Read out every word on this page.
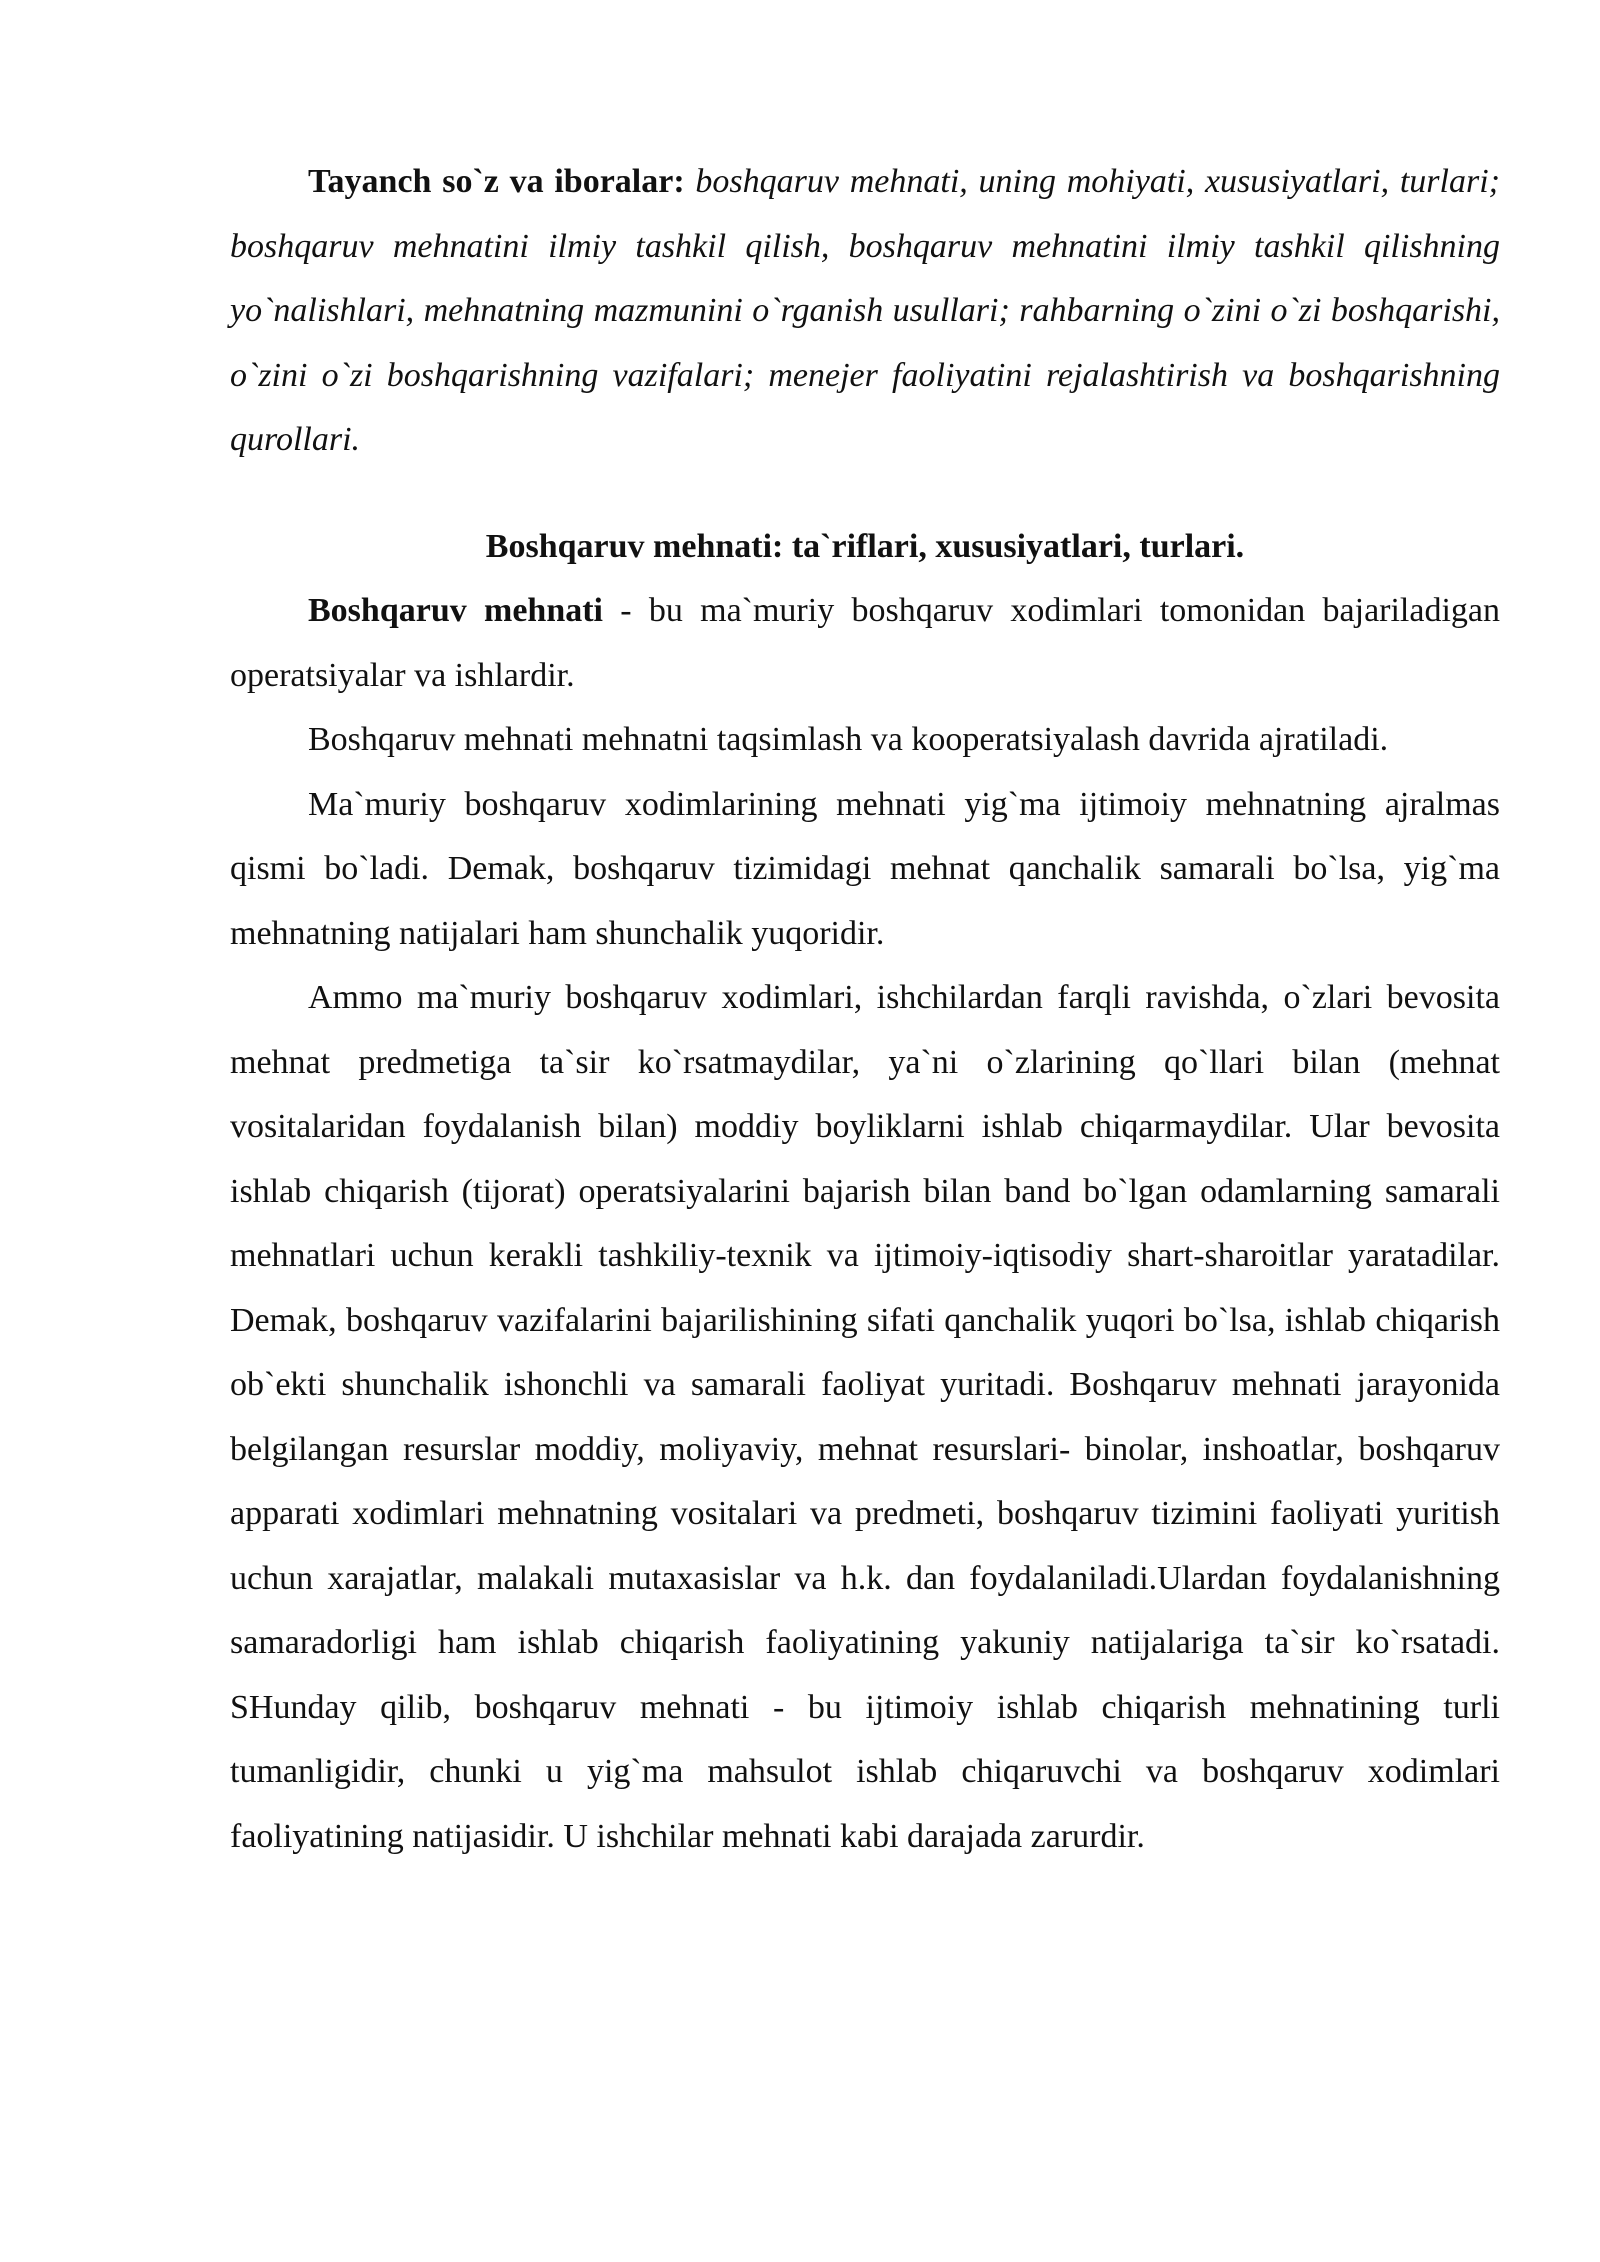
Tayanch so`z va iboralar: boshqaruv mehnati, uning mohiyati, xususiyatlari, turlari; boshqaruv mehnatini ilmiy tashkil qilish, boshqaruv mehnatini ilmiy tashkil qilishning yo`nalishlari, mehnatning mazmunini o`rganish usullari; rahbarning o`zini o`zi boshqarishi, o`zini o`zi boshqarishning vazifalari; menejer faoliyatini rejalashtirish va boshqarishning qurollari.

Boshqaruv mehnati: ta`riflari, xususiyatlari, turlari.

Boshqaruv mehnati - bu ma`muriy boshqaruv xodimlari tomonidan bajariladigan operatsiyalar va ishlardir.

Boshqaruv mehnati mehnatni taqsimlash va kooperatsiyalash davrida ajratiladi.

Ma`muriy boshqaruv xodimlarining mehnati yig`ma ijtimoiy mehnatning ajralmas qismi bo`ladi. Demak, boshqaruv tizimidagi mehnat qanchalik samarali bo`lsa, yig`ma mehnatning natijalari ham shunchalik yuqoridir.

Ammo ma`muriy boshqaruv xodimlari, ishchilardan farqli ravishda, o`zlari bevosita mehnat predmetiga ta`sir ko`rsatmaydilar, ya`ni o`zlarining qo`llari bilan (mehnat vositalaridan foydalanish bilan) moddiy boyliklarni ishlab chiqarmaydilar. Ular bevosita ishlab chiqarish (tijorat) operatsiyalarini bajarish bilan band bo`lgan odamlarning samarali mehnatlari uchun kerakli tashkiliy-texnik va ijtimoiy-iqtisodiy shart-sharoitlar yaratadilar. Demak, boshqaruv vazifalarini bajarilishining sifati qanchalik yuqori bo`lsa, ishlab chiqarish ob`ekti shunchalik ishonchli va samarali faoliyat yuritadi. Boshqaruv mehnati jarayonida belgilangan resurslar moddiy, moliyaviy, mehnat resurslari- binolar, inshoatlar, boshqaruv apparati xodimlari mehnatning vositalari va predmeti, boshqaruv tizimini faoliyati yuritish uchun xarajatlar, malakali mutaxasislar va h.k. dan foydalaniladi.Ulardan foydalanishning samaradorligi ham ishlab chiqarish faoliyatining yakuniy natijalariga ta`sir ko`rsatadi. SHunday qilib, boshqaruv mehnati - bu ijtimoiy ishlab chiqarish mehnatining turli tumanligidir, chunki u yig`ma mahsulot ishlab chiqaruvchi va boshqaruv xodimlari faoliyatining natijasidir. U ishchilar mehnati kabi darajada zarurdir.
